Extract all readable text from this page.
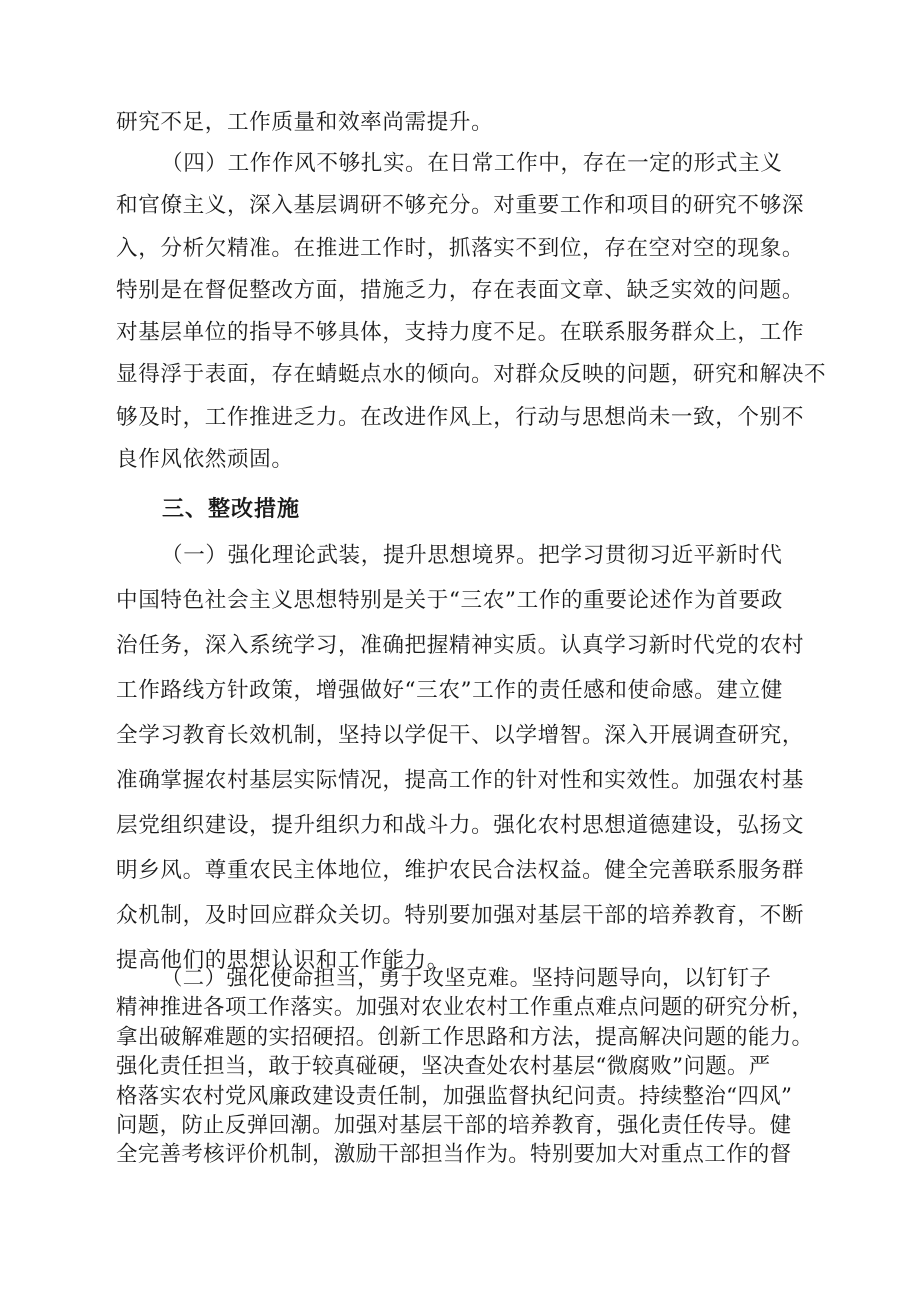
研究不足，工作质量和效率尚需提升。
（四）工作作风不够扎实。在日常工作中，存在一定的形式主义
和官僚主义，深入基层调研不够充分。对重要工作和项目的研究不够深
入，分析欠精准。在推进工作时，抓落实不到位，存在空对空的现象。
特别是在督促整改方面，措施乏力，存在表面文章、缺乏实效的问题。
对基层单位的指导不够具体，支持力度不足。在联系服务群众上，工作
显得浮于表面，存在蜻蜓点水的倾向。对群众反映的问题，研究和解决不
够及时，工作推进乏力。在改进作风上，行动与思想尚未一致，个别不
良作风依然顽固。
三、整改措施
（一）强化理论武装，提升思想境界。把学习贯彻习近平新时代
中国特色社会主义思想特别是关于“三农”工作的重要论述作为首要政
治任务，深入系统学习，准确把握精神实质。认真学习新时代党的农村
工作路线方针政策，增强做好“三农”工作的责任感和使命感。建立健
全学习教育长效机制，坚持以学促干、以学增智。深入开展调查研究，
准确掌握农村基层实际情况，提高工作的针对性和实效性。加强农村基
层党组织建设，提升组织力和战斗力。强化农村思想道德建设，弘扬文
明乡风。尊重农民主体地位，维护农民合法权益。健全完善联系服务群
众机制，及时回应群众关切。特别要加强对基层干部的培养教育，不断
提高他们的思想认识和工作能力。
（二）强化使命担当，勇于攻坚克难。坚持问题导向，以钉钉子
精神推进各项工作落实。加强对农业农村工作重点难点问题的研究分析，
拿出破解难题的实招硬招。创新工作思路和方法，提高解决问题的能力。
强化责任担当，敢于较真碰硬，坚决查处农村基层“微腐败”问题。严
格落实农村党风廉政建设责任制，加强监督执纪问责。持续整治“四风”
问题，防止反弹回潮。加强对基层干部的培养教育，强化责任传导。健
全完善考核评价机制，激励干部担当作为。特别要加大对重点工作的督
